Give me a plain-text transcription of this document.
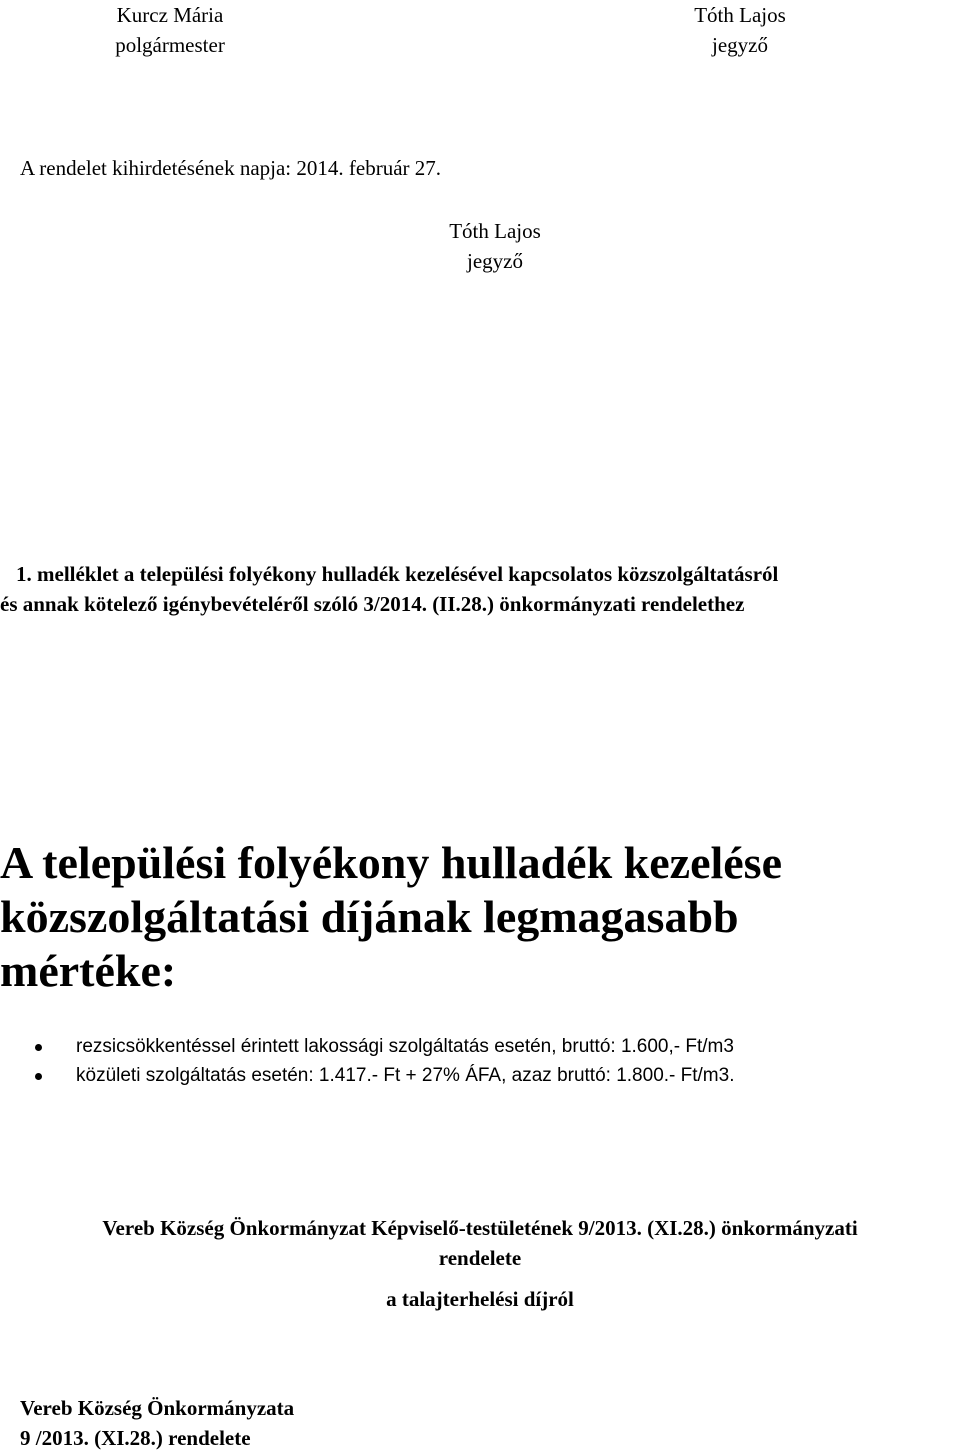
Kurcz Mária
polgármester
Tóth Lajos
jegyző
A rendelet kihirdetésének napja: 2014. február 27.
Tóth Lajos
jegyző
1. melléklet a települési folyékony hulladék kezelésével kapcsolatos közszolgáltatásról
és annak kötelező igénybevételéről szóló 3/2014. (II.28.) önkormányzati rendelethez
A települési folyékony hulladék kezelése
közszolgáltatási díjának legmagasabb
mértéke:
rezsicsökkentéssel érintett lakossági szolgáltatás esetén, bruttó: 1.600,- Ft/m3
közületi szolgáltatás esetén: 1.417.- Ft + 27% ÁFA, azaz bruttó: 1.800.- Ft/m3.
Vereb Község Önkormányzat Képviselő-testületének 9/2013. (XI.28.) önkormányzati
rendelete
a talajterhelési díjról
Vereb Község Önkormányzata
9 /2013. (XI.28.) rendelete
